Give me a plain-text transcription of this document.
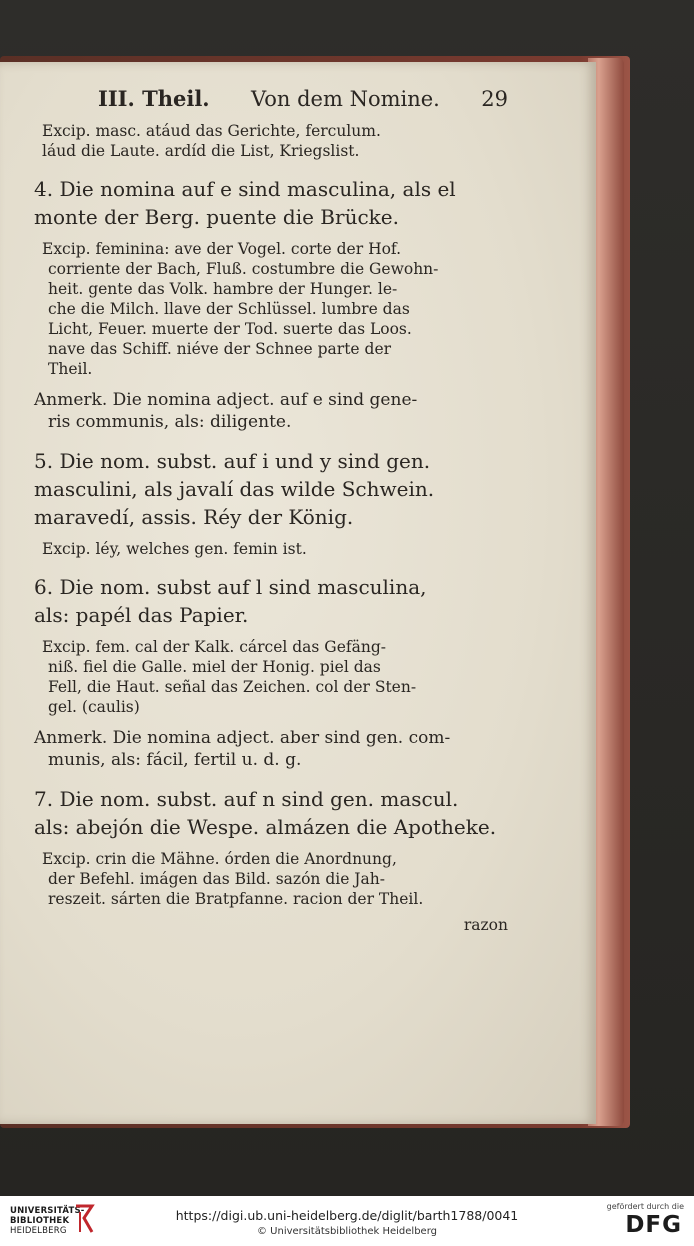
III. Theil. Von dem Nomine. 29
Excip. masc. atáud das Gerichte, ferculum.
láud die Laute. ardíd die List, Kriegslist.
4. Die nomina auf e sind masculina, als el
monte der Berg. puente die Brücke.
Excip. feminina: ave der Vogel. corte der Hof.
corriente der Bach, Fluß. costumbre die Gewohn-
heit. gente das Volk. hambre der Hunger. le-
che die Milch. llave der Schlüssel. lumbre das
Licht, Feuer. muerte der Tod. suerte das Loos.
nave das Schiff. niéve der Schnee parte der
Theil.
Anmerk. Die nomina adject. auf e sind gene-
ris communis, als: diligente.
5. Die nom. subst. auf i und y sind gen.
masculini, als javalí das wilde Schwein.
maravedí, assis. Réy der König.
Excip. léy, welches gen. femin ist.
6. Die nom. subst auf l sind masculina,
als: papél das Papier.
Excip. fem. cal der Kalk. cárcel das Gefäng-
niß. fiel die Galle. miel der Honig. piel das
Fell, die Haut. señal das Zeichen. col der Sten-
gel. (caulis)
Anmerk. Die nomina adject. aber sind gen. com-
munis, als: fácil, fertil u. d. g.
7. Die nom. subst. auf n sind gen. mascul.
als: abejón die Wespe. almázen die Apotheke.
Excip. crin die Mähne. órden die Anordnung,
der Befehl. imágen das Bild. sazón die Jah-
reszeit. sárten die Bratpfanne. racion der Theil.
razon
UNIVERSITÄTS-
BIBLIOTHEK
HEIDELBERG
https://digi.ub.uni-heidelberg.de/diglit/barth1788/0041
© Universitätsbibliothek Heidelberg
gefördert durch die
DFG
